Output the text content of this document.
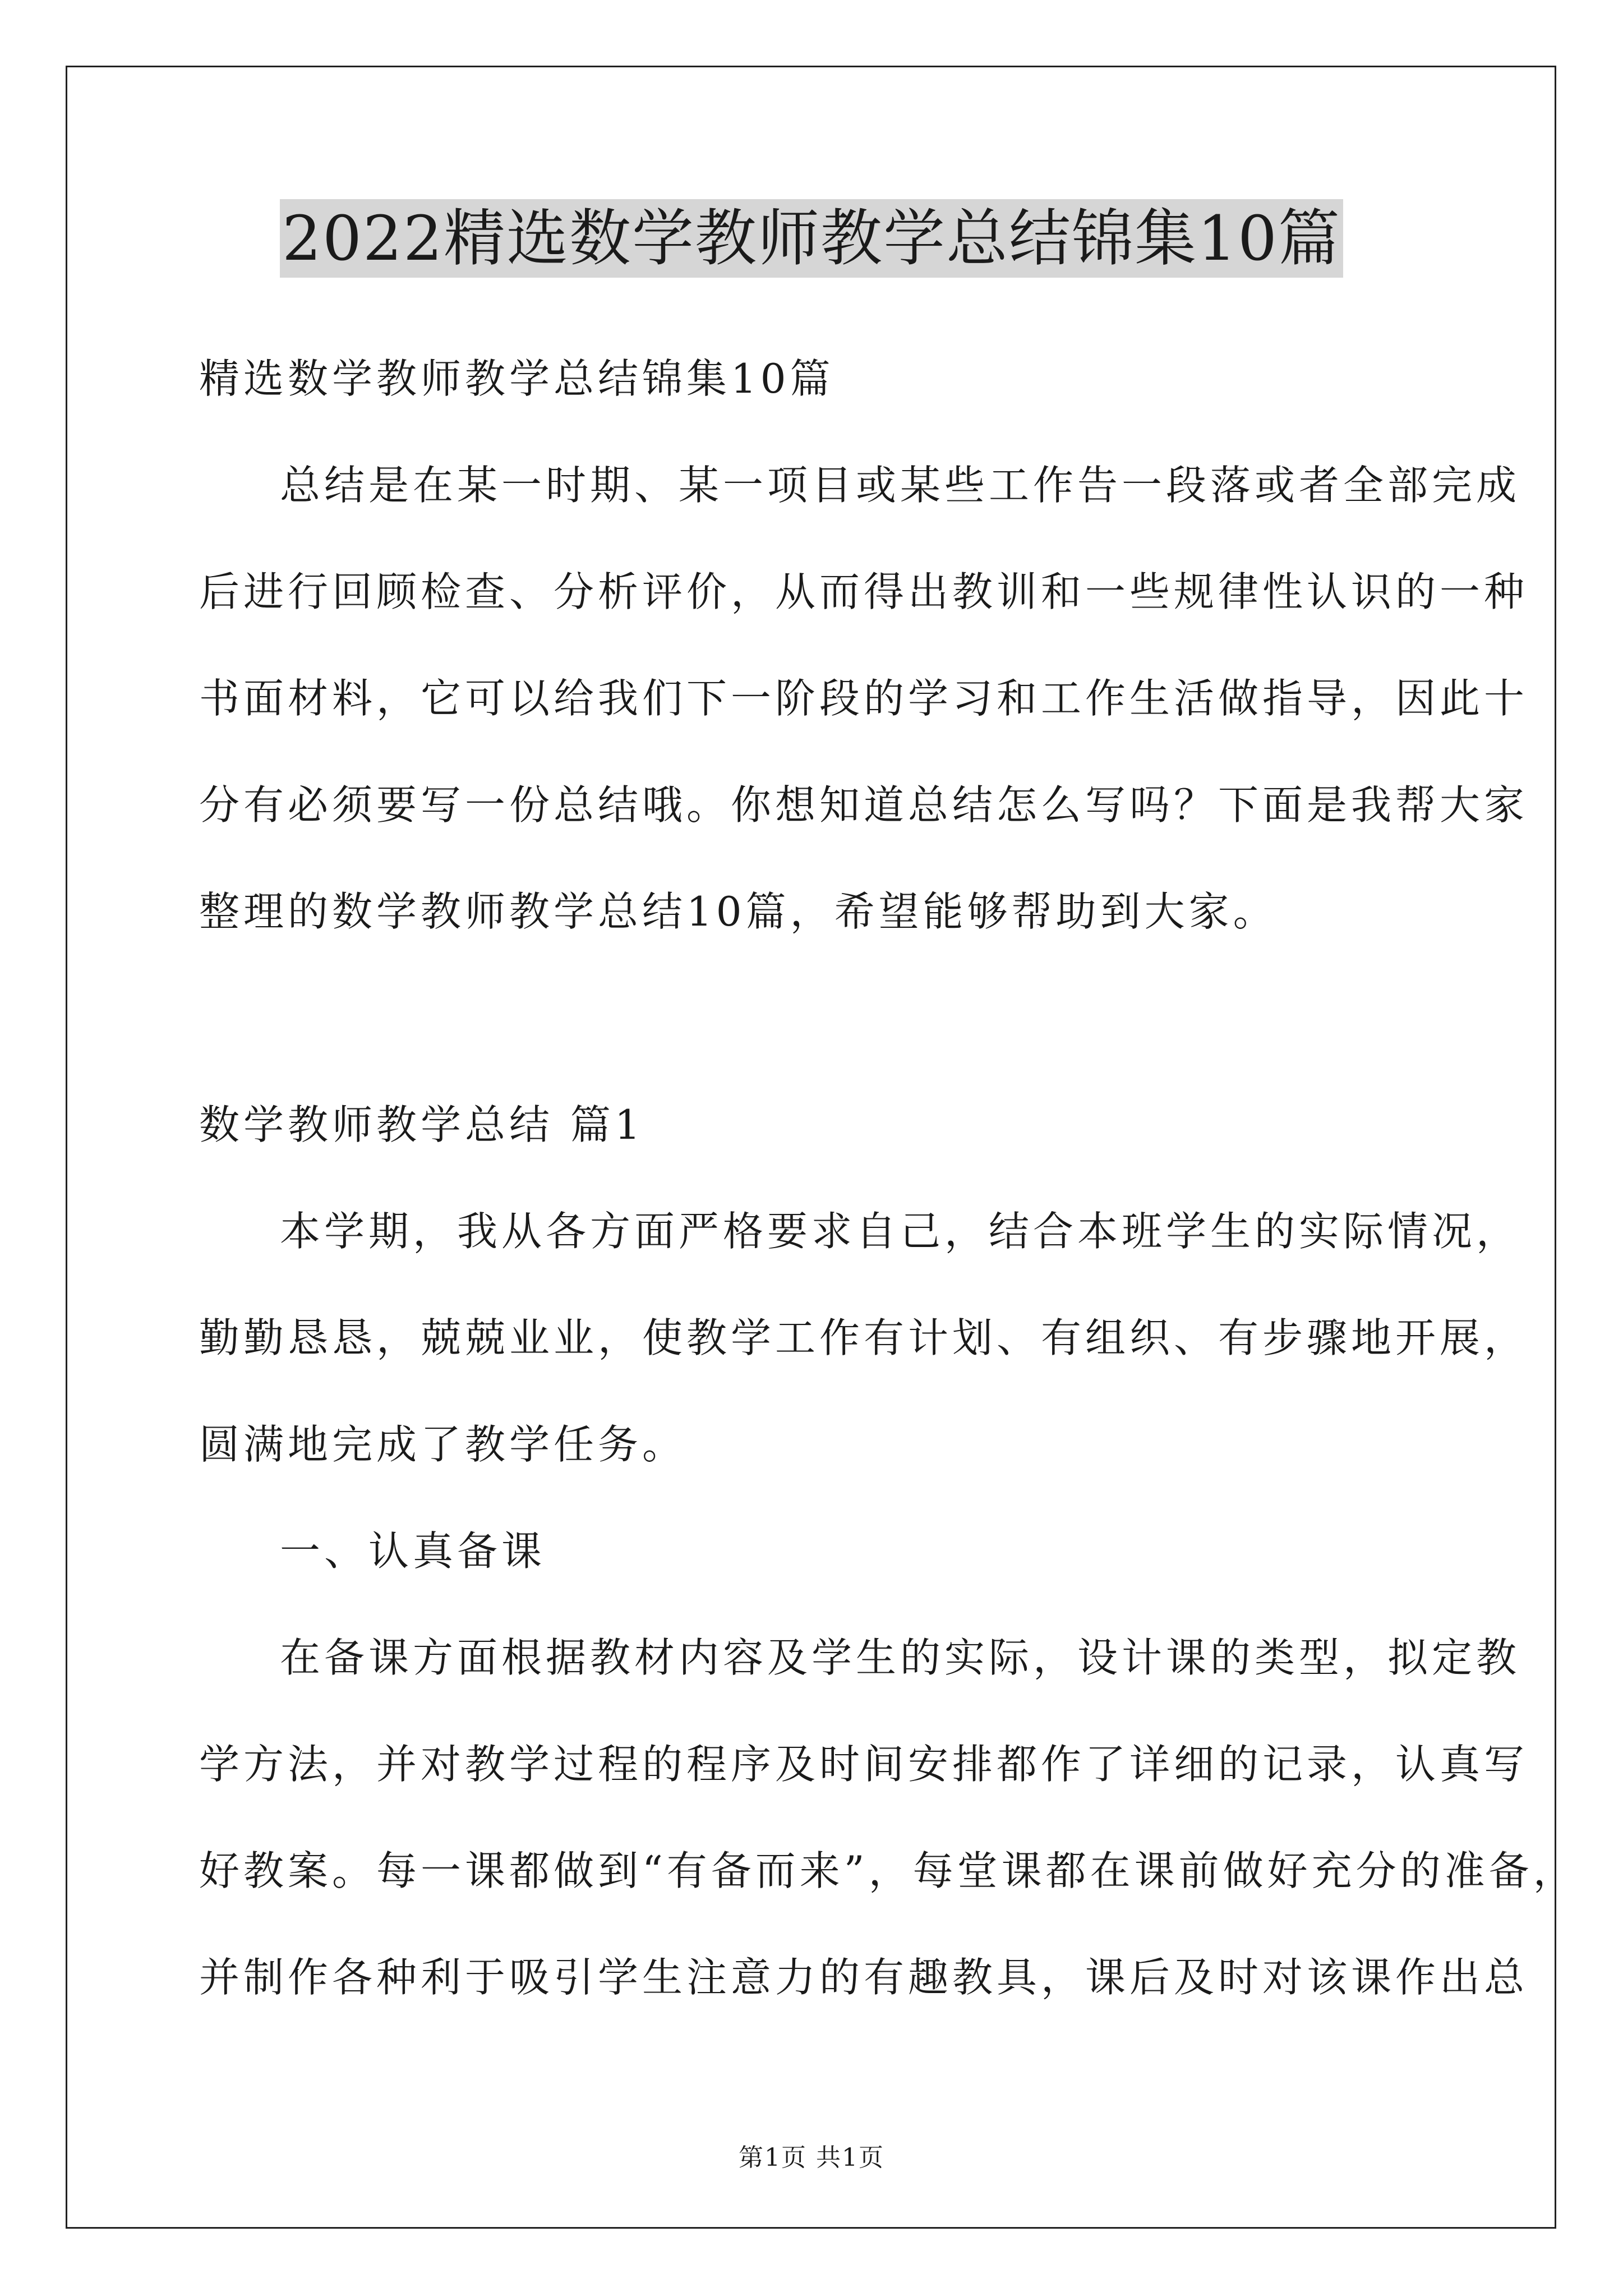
2022精选数学教师教学总结锦集10篇
精选数学教师教学总结锦集10篇
总结是在某一时期、某一项目或某些工作告一段落或者全部完成
后进行回顾检查、分析评价，从而得出教训和一些规律性认识的一种
书面材料，它可以给我们下一阶段的学习和工作生活做指导，因此十
分有必须要写一份总结哦。你想知道总结怎么写吗？下面是我帮大家
整理的数学教师教学总结10篇，希望能够帮助到大家。
数学教师教学总结 篇1
本学期，我从各方面严格要求自己，结合本班学生的实际情况，
勤勤恳恳，兢兢业业，使教学工作有计划、有组织、有步骤地开展，
圆满地完成了教学任务。
一、认真备课
在备课方面根据教材内容及学生的实际，设计课的类型，拟定教
学方法，并对教学过程的程序及时间安排都作了详细的记录，认真写
好教案。每一课都做到“有备而来”，每堂课都在课前做好充分的准备，
并制作各种利于吸引学生注意力的有趣教具，课后及时对该课作出总
第1页 共1页
